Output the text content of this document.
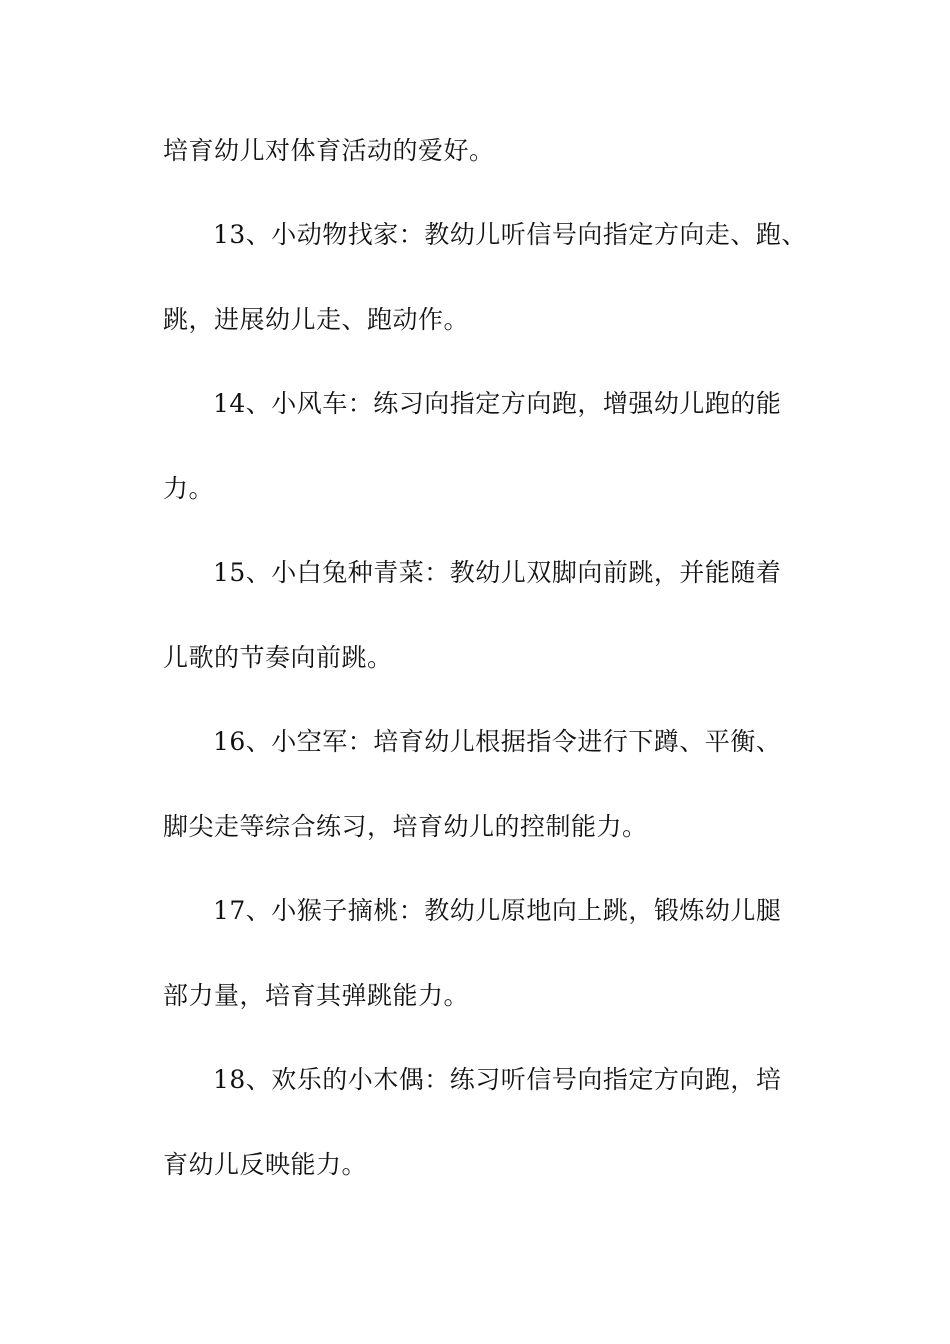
培育幼儿对体育活动的爱好。
13、小动物找家：教幼儿听信号向指定方向走、跑、
跳，进展幼儿走、跑动作。
14、小风车：练习向指定方向跑，增强幼儿跑的能
力。
15、小白兔种青菜：教幼儿双脚向前跳，并能随着
儿歌的节奏向前跳。
16、小空军：培育幼儿根据指令进行下蹲、平衡、
脚尖走等综合练习，培育幼儿的控制能力。
17、小猴子摘桃：教幼儿原地向上跳，锻炼幼儿腿
部力量，培育其弹跳能力。
18、欢乐的小木偶：练习听信号向指定方向跑，培
育幼儿反映能力。
